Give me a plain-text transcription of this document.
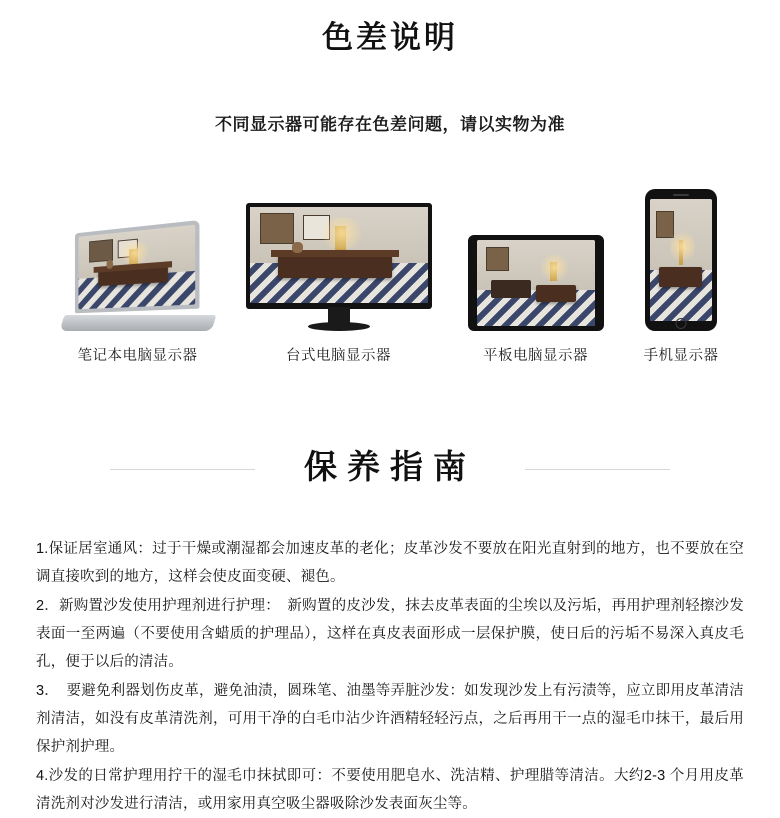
色差说明

不同显示器可能存在色差问题，请以实物为准

笔记本电脑显示器	台式电脑显示器	平板电脑显示器	手机显示器
保养指南

1.保证居室通风：过于干燥或潮湿都会加速皮革的老化；皮革沙发不要放在阳光直射到的地方，也不要放在空调直接吹到的地方，这样会使皮面变硬、褪色。

2．新购置沙发使用护理剂进行护理：　新购置的皮沙发，抹去皮革表面的尘埃以及污垢，再用护理剂轻擦沙发表面一至两遍（不要使用含蜡质的护理品），这样在真皮表面形成一层保护膜，使日后的污垢不易深入真皮毛孔，便于以后的清洁。

3．　要避免利器划伤皮革，避免油渍，圆珠笔、油墨等弄脏沙发：如发现沙发上有污渍等，应立即用皮革清洁剂清洁，如没有皮革清洗剂，可用干净的白毛巾沾少许酒精轻轻污点，之后再用干一点的湿毛巾抹干，最后用保护剂护理。

4.沙发的日常护理用拧干的湿毛巾抹拭即可：不要使用肥皂水、洗洁精、护理腊等清洁。大约2-3 个月用皮革清洗剂对沙发进行清洁，或用家用真空吸尘器吸除沙发表面灰尘等。
